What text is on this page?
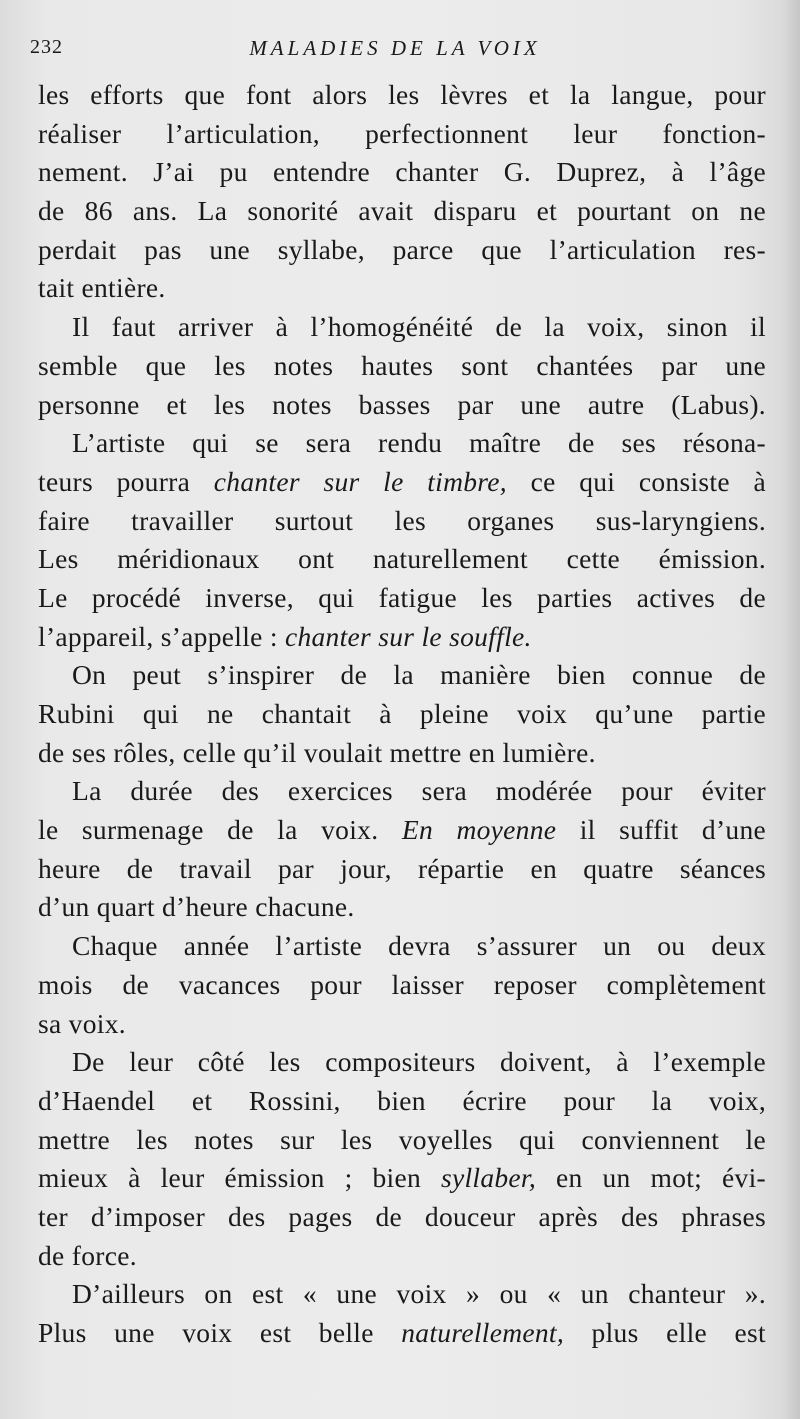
232	MALADIES DE LA VOIX
les efforts que font alors les lèvres et la langue, pour
réaliser l’articulation, perfectionnent leur fonction-
nement. J’ai pu entendre chanter G. Duprez, à l’âge
de 86 ans. La sonorité avait disparu et pourtant on ne
perdait pas une syllabe, parce que l’articulation res-
tait entière.
Il faut arriver à l’homogénéité de la voix, sinon il
semble que les notes hautes sont chantées par une
personne et les notes basses par une autre (Labus).
L’artiste qui se sera rendu maître de ses résona-
teurs pourra chanter sur le timbre, ce qui consiste à
faire travailler surtout les organes sus-laryngiens.
Les méridionaux ont naturellement cette émission.
Le procédé inverse, qui fatigue les parties actives de
l’appareil, s’appelle : chanter sur le souffle.
On peut s’inspirer de la manière bien connue de
Rubini qui ne chantait à pleine voix qu’une partie
de ses rôles, celle qu’il voulait mettre en lumière.
La durée des exercices sera modérée pour éviter
le surmenage de la voix. En moyenne il suffit d’une
heure de travail par jour, répartie en quatre séances
d’un quart d’heure chacune.
Chaque année l’artiste devra s’assurer un ou deux
mois de vacances pour laisser reposer complètement
sa voix.
De leur côté les compositeurs doivent, à l’exemple
d’Haendel et Rossini, bien écrire pour la voix,
mettre les notes sur les voyelles qui conviennent le
mieux à leur émission ; bien syllaber, en un mot; évi-
ter d’imposer des pages de douceur après des phrases
de force.
D’ailleurs on est « une voix » ou « un chanteur ».
Plus une voix est belle naturellement, plus elle est
